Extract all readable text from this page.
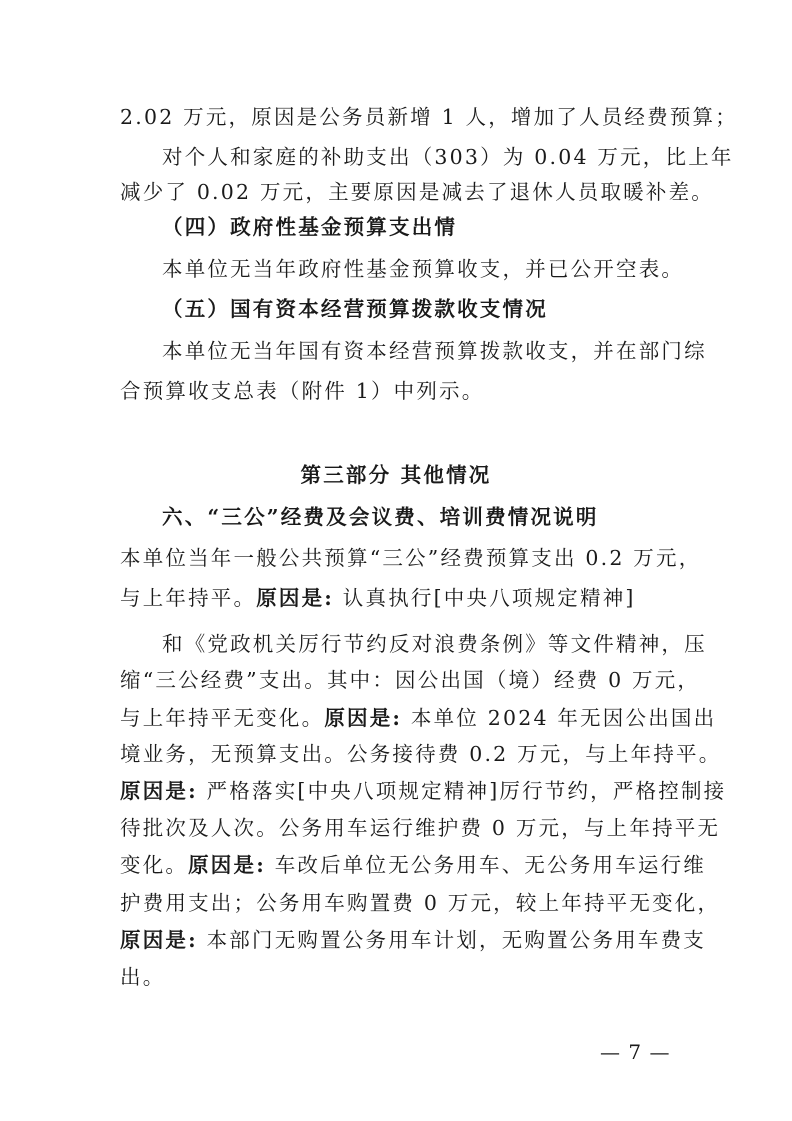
2.02 万元，原因是公务员新增 1 人，增加了人员经费预算；
对个人和家庭的补助支出（303）为 0.04 万元，比上年
减少了 0.02 万元，主要原因是减去了退休人员取暖补差。
（四）政府性基金预算支出情
本单位无当年政府性基金预算收支，并已公开空表。
（五）国有资本经营预算拨款收支情况
本单位无当年国有资本经营预算拨款收支，并在部门综
合预算收支总表（附件 1）中列示。
第三部分 其他情况
六、“三公”经费及会议费、培训费情况说明
本单位当年一般公共预算“三公”经费预算支出 0.2 万元，
与上年持平。原因是: 认真执行[中央八项规定精神]
和《党政机关厉行节约反对浪费条例》等文件精神，压
缩“三公经费”支出。其中：因公出国（境）经费 0 万元，
与上年持平无变化。原因是: 本单位 2024 年无因公出国出
境业务，无预算支出。公务接待费 0.2 万元，与上年持平。
原因是: 严格落实[中央八项规定精神]厉行节约，严格控制接
待批次及人次。公务用车运行维护费 0 万元，与上年持平无
变化。原因是: 车改后单位无公务用车、无公务用车运行维
护费用支出；公务用车购置费 0 万元，较上年持平无变化，
原因是: 本部门无购置公务用车计划，无购置公务用车费支
出。
— 7 —
